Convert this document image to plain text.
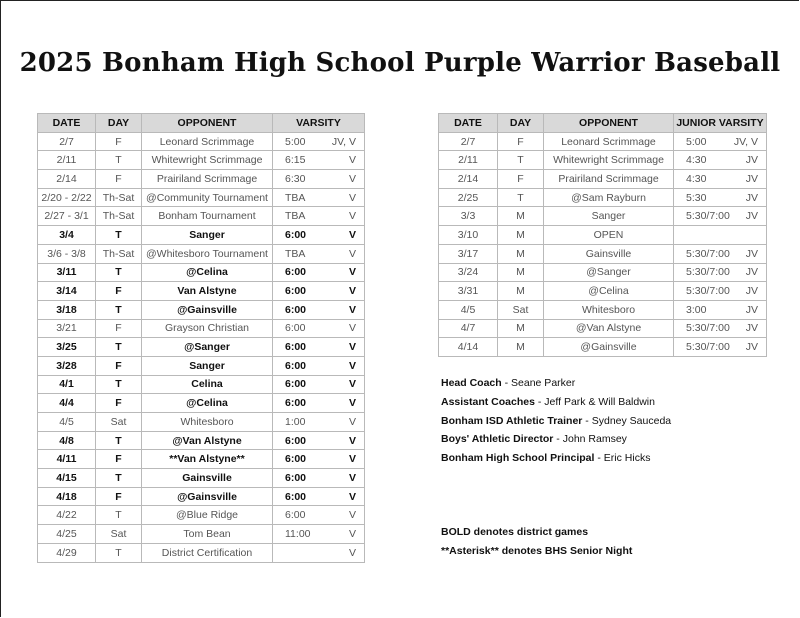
2025 Bonham High School Purple Warrior Baseball
DATE	DAY	OPPONENT	VARSITY
2/7	F	Leonard Scrimmage	5:00 JV, V

2/11	T	Whitewright Scrimmage	6:15 V

2/14	F	Prairiland Scrimmage	6:30 V

2/20 - 2/22	Th-Sat	@Community Tournament	TBA V

2/27 - 3/1	Th-Sat	Bonham Tournament	TBA V

3/4	T	Sanger	6:00 V

3/6 - 3/8	Th-Sat	@Whitesboro Tournament	TBA V

3/11	T	@Celina	6:00 V

3/14	F	Van Alstyne	6:00 V

3/18	T	@Gainsville	6:00 V

3/21	F	Grayson Christian	6:00 V

3/25	T	@Sanger	6:00 V

3/28	F	Sanger	6:00 V

4/1	T	Celina	6:00 V

4/4	F	@Celina	6:00 V

4/5	Sat	Whitesboro	1:00 V

4/8	T	@Van Alstyne	6:00 V

4/11	F	**Van Alstyne**	6:00 V

4/15	T	Gainsville	6:00 V

4/18	F	@Gainsville	6:00 V

4/22	T	@Blue Ridge	6:00 V

4/25	Sat	Tom Bean	11:00 V

4/29	T	District Certification	V
DATE	DAY	OPPONENT	JUNIOR VARSITY
2/7	F	Leonard Scrimmage	5:00 JV, V

2/11	T	Whitewright Scrimmage	4:30 JV

2/14	F	Prairiland Scrimmage	4:30 JV

2/25	T	@Sam Rayburn	5:30 JV

3/3	M	Sanger	5:30/7:00 JV

3/10	M	OPEN	

3/17	M	Gainsville	5:30/7:00 JV

3/24	M	@Sanger	5:30/7:00 JV

3/31	M	@Celina	5:30/7:00 JV

4/5	Sat	Whitesboro	3:00 JV

4/7	M	@Van Alstyne	5:30/7:00 JV

4/14	M	@Gainsville	5:30/7:00 JV
Head Coach - Seane Parker
Assistant Coaches - Jeff Park & Will Baldwin
Bonham ISD Athletic Trainer - Sydney Sauceda
Boys' Athletic Director - John Ramsey
Bonham High School Principal - Eric Hicks
BOLD denotes district games
**Asterisk** denotes BHS Senior Night
